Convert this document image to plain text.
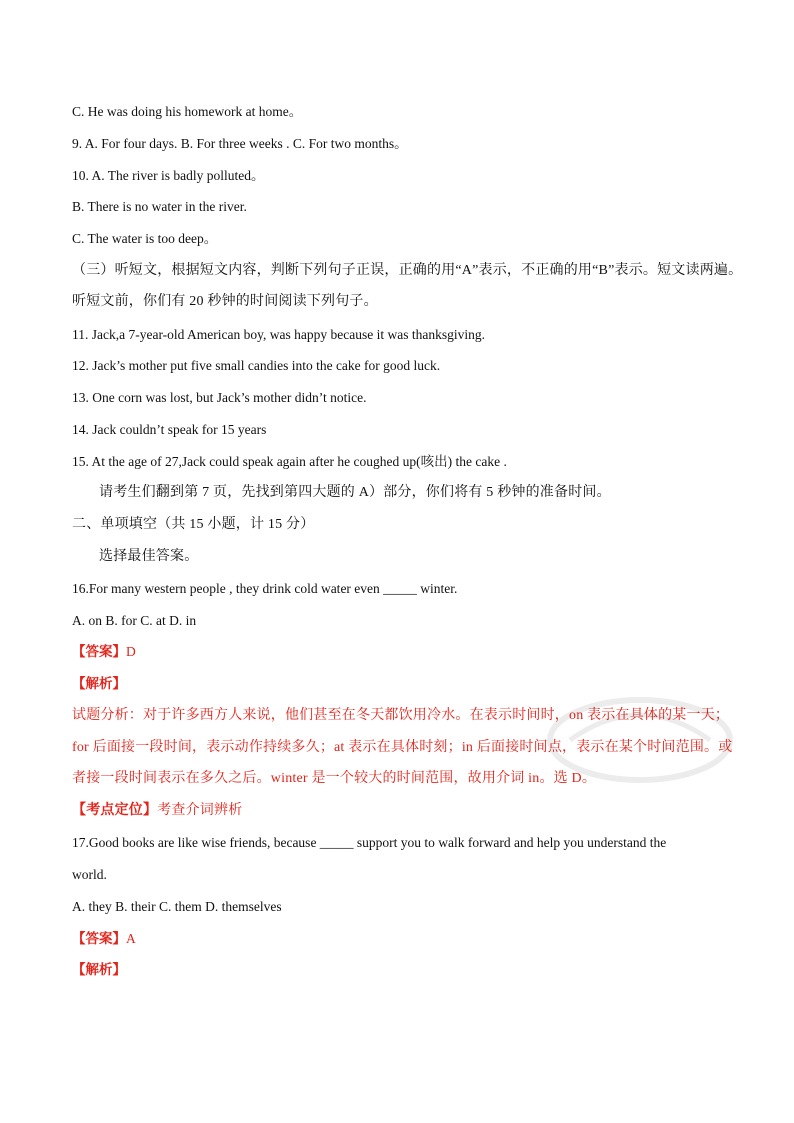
C. He was doing his homework at home。
9. A. For four days. B. For three weeks . C. For two months。
10. A. The river is badly polluted。
B. There is no water in the river.
C. The water is too deep。
（三）听短文，根据短文内容，判断下列句子正误，正确的用“A”表示，不正确的用“B”表示。短文读两遍。
听短文前，你们有 20 秒钟的时间阅读下列句子。
11. Jack,a 7-year-old American boy, was happy because it was thanksgiving.
12. Jack’s mother put five small candies into the cake for good luck.
13. One corn was lost, but Jack’s mother didn’t notice.
14. Jack couldn’t speak for 15 years
15. At the age of 27,Jack could speak again after he coughed up(咳出) the cake .
请考生们翻到第 7 页，先找到第四大题的 A）部分，你们将有 5 秒钟的准备时间。
二、单项填空（共 15 小题，计 15 分）
选择最佳答案。
16.For many western people , they drink cold water even _____ winter.
A. on B. for C. at D. in
【答案】D
【解析】
试题分析：对于许多西方人来说，他们甚至在冬天都饮用冷水。在表示时间时，on 表示在具体的某一天；
for 后面接一段时间，表示动作持续多久；at 表示在具体时刻；in 后面接时间点，表示在某个时间范围。或
者接一段时间表示在多久之后。winter 是一个较大的时间范围，故用介词 in。选 D。
【考点定位】考查介词辨析
17.Good books are like wise friends, because _____ support you to walk forward and help you understand the
world.
A. they B. their C. them D. themselves
【答案】A
【解析】
